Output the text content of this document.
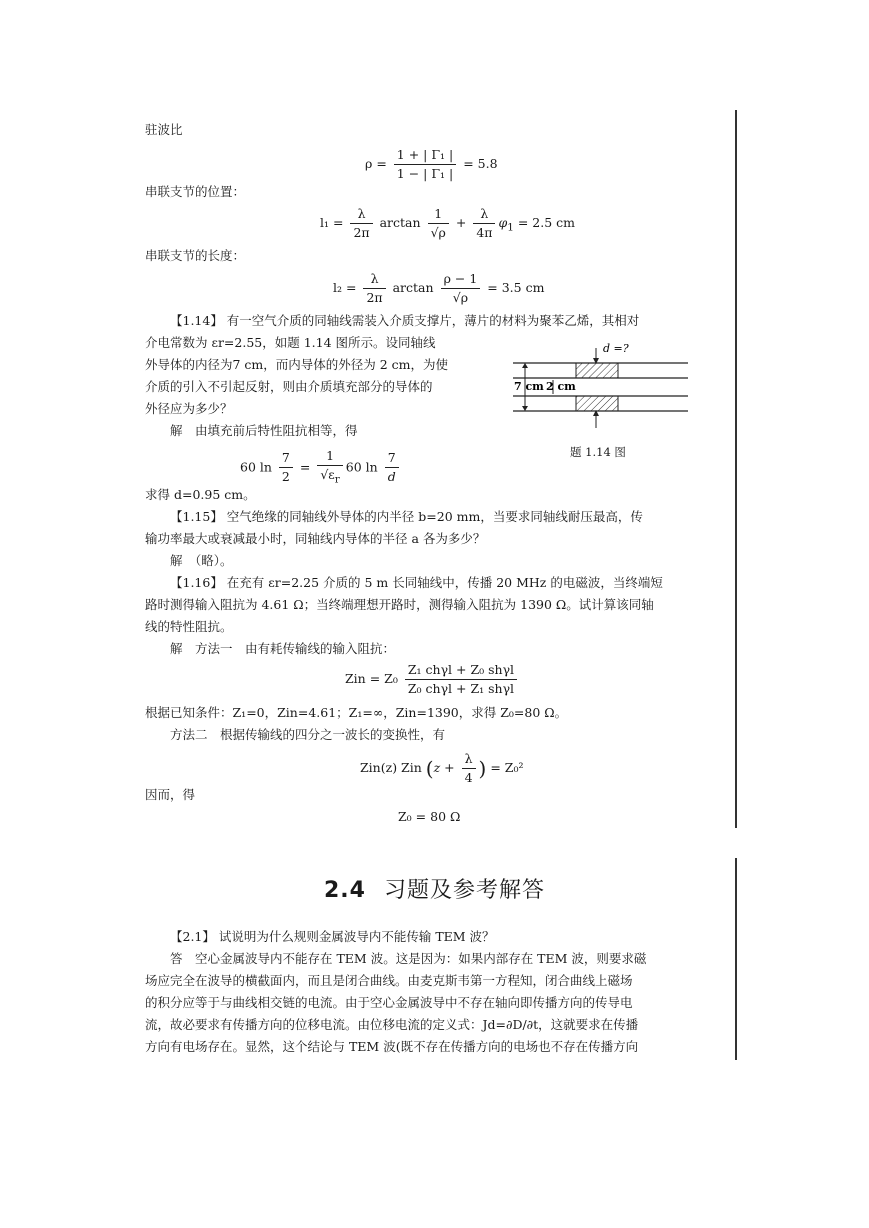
驻波比
$\rho = \frac{\text{1 + | Γ₁ |}}{\text{1 − | Γ₁ |}} = 5.8$
串联支节的位置：
$l_1 = \frac{\lambda}{2\pi}$ $\arctan \frac{1}{√\rho} + \frac{\lambda}{4\pi} \varphi_1 = 2.5$ cm
串联支节的长度：
$l_2 = \frac{\lambda}{2\pi}$ $\arctan \frac{\rho - 1}{√\rho} = 3.5$ cm
【1.14】 有一空气介质的同轴线需装入介质支撑片，薄片的材料为聚苯乙烯，其相对
介电常数为 εr=2.55，如题 1.14 图所示。设同轴线
外导体的内径为7 cm，而内导体的外径为 2 cm，为使
介质的引入不引起反射，则由介质填充部分的导体的
外径应为多少？
解　由填充前后特性阻抗相等，得
60 $\ln \frac{7}{2} = \frac{1}{√\varepsilon_r} 60$ $\ln \frac{7}{d}$
求得 d=0.95 cm。
d =?
7 cm 2 cm
题 1.14 图
【1.15】 空气绝缘的同轴线外导体的内半径 b=20 mm，当要求同轴线耐压最高，传
输功率最大或衰减最小时，同轴线内导体的半径 a 各为多少？
解　（略）。
【1.16】 在充有 εr=2.25 介质的 5 m 长同轴线中，传播 20 MHz 的电磁波，当终端短
路时测得输入阻抗为 4.61 Ω；当终端理想开路时，测得输入阻抗为 1390 Ω。试计算该同轴
线的特性阻抗。
解　方法一　由有耗传输线的输入阻抗：
Zin = $Z_0 \frac{\text{Z₁ chγl + Z₀ shγl}}{\text{Z₀ chγl + Z₁ shγl}}$
根据已知条件：Z₁=0，Zin=4.61；Z₁=∞，Zin=1390，求得 Z₀=80 Ω。
方法二　根据传输线的四分之一波长的变换性，有
Zin(z) Zin ($z + \frac{\lambda}{4}$ ) = Z₀²
因而，得
Z₀ = 80 Ω
2.4 习题及参考解答
【2.1】 试说明为什么规则金属波导内不能传输 TEM 波？
答　空心金属波导内不能存在 TEM 波。这是因为：如果内部存在 TEM 波，则要求磁
场应完全在波导的横截面内，而且是闭合曲线。由麦克斯韦第一方程知，闭合曲线上磁场
的积分应等于与曲线相交链的电流。由于空心金属波导中不存在轴向即传播方向的传导电
流，故必要求有传播方向的位移电流。由位移电流的定义式：Jd=∂D/∂t，这就要求在传播
方向有电场存在。显然，这个结论与 TEM 波(既不存在传播方向的电场也不存在传播方向
